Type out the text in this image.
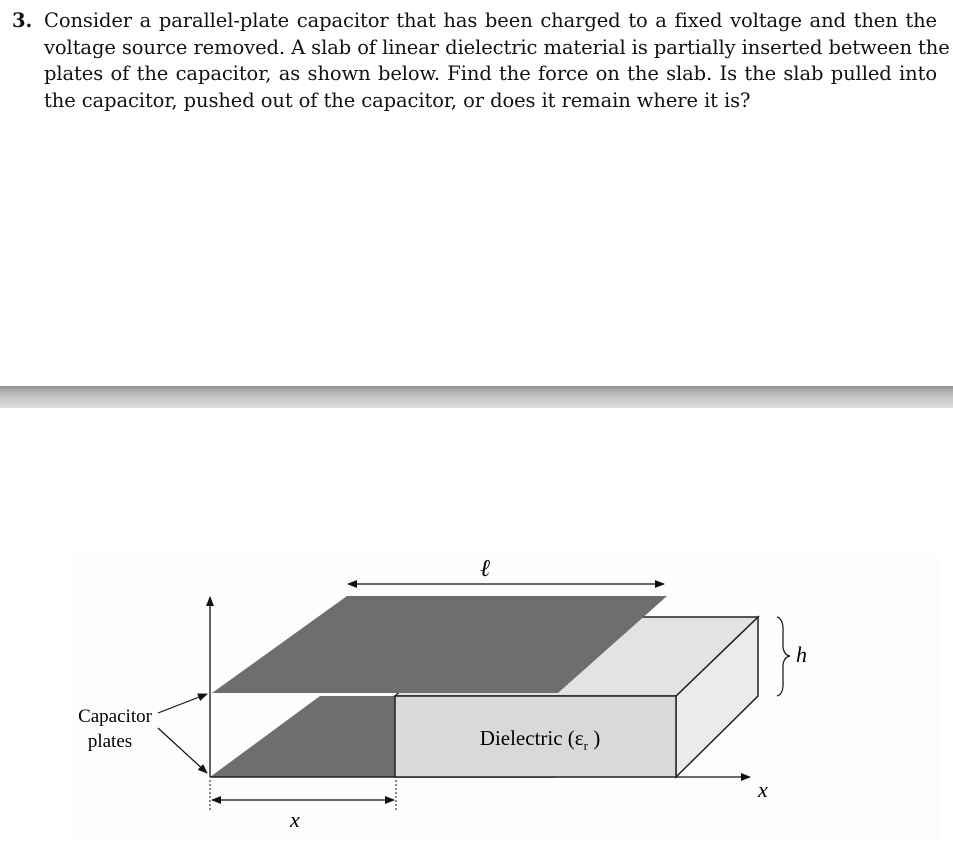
3. Consider a parallel-plate capacitor that has been charged to a fixed voltage and then the
voltage source removed. A slab of linear dielectric material is partially inserted between the
plates of the capacitor, as shown below. Find the force on the slab. Is the slab pulled into
the capacitor, pushed out of the capacitor, or does it remain where it is?
ℓ
h
x
x
Capacitor
plates	Dielectric ($\varepsilon_r$ )
